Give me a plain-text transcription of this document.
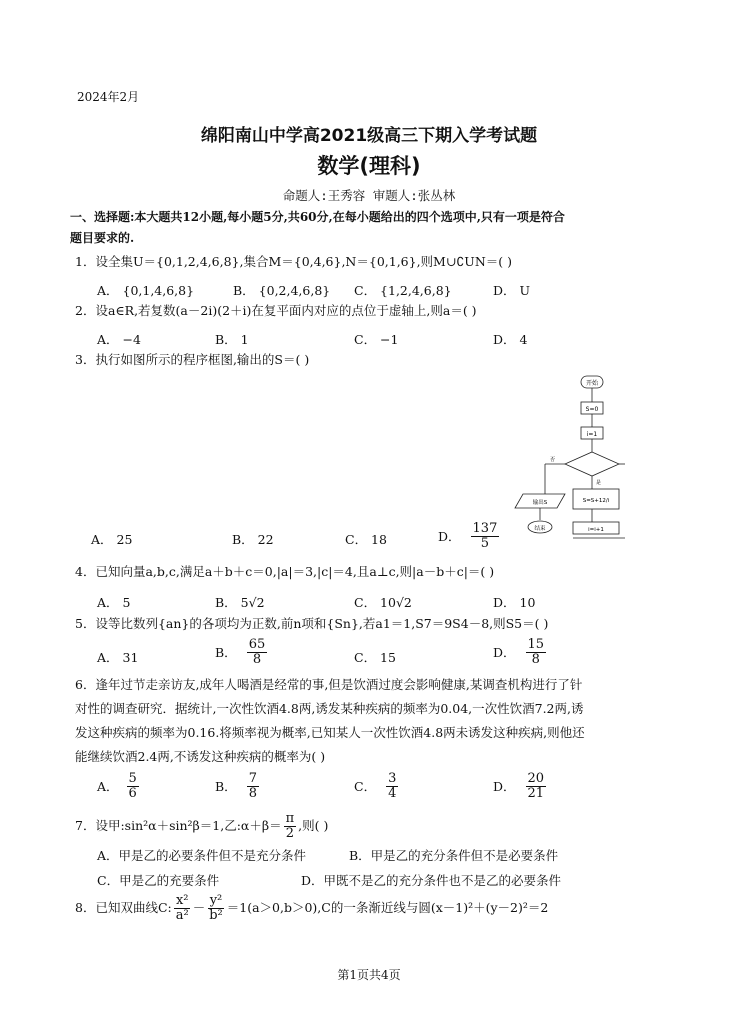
2024年2月
绵阳南山中学高2021级高三下期入学考试题
数学(理科)
命题人:王秀容 审题人:张丛林
一、选择题:本大题共12小题,每小题5分,共60分,在每小题给出的四个选项中,只有一项是符合
题目要求的.
1．设全集U＝{0,1,2,4,6,8},集合M＝{0,4,6},N＝{0,1,6},则M∪∁UN＝( )
A． {0,1,4,6,8}	B． {0,2,4,6,8} C． {1,2,4,6,8}	D． U
2．设a∈R,若复数(a－2i)(2＋i)在复平面内对应的点位于虚轴上,则a＝( )
A． −4	B． 1	C． −1	D． 4
3．执行如图所示的程序框图,输出的S＝( )
开始
S=0
i=1
是
S=S+12/i
i=i+1
输出S
结束
否
A． 25	B． 22	C． 18	D． $\frac{137}{5}$
4．已知向量a,b,c,满足a＋b＋c＝0,|a|＝3,|c|＝4,且a⊥c,则|a－b＋c|＝( )
A． 5	B． 5√2	C． 10√2	D． 10
5．设等比数列{an}的各项均为正数,前n项和{Sn},若a1＝1,S7＝9S4－8,则S5＝( )
A． 31	B． $\frac{65}{8}$	C． 15	D． $\frac{15}{8}$
6．逢年过节走亲访友,成年人喝酒是经常的事,但是饮酒过度会影响健康,某调查机构进行了针
对性的调查研究．据统计,一次性饮酒4.8两,诱发某种疾病的频率为0.04,一次性饮酒7.2两,诱
发这种疾病的频率为0.16.将频率视为概率,已知某人一次性饮酒4.8两未诱发这种疾病,则他还
能继续饮酒2.4两,不诱发这种疾病的概率为( )
A． $\frac{5}{6}$	B． $\frac{7}{8}$	C． $\frac{3}{4}$	D． $\frac{20}{21}$
7．设甲:sin²α＋sin²β＝1,乙:α＋β＝ $\frac{\pi}{2}$ ,则( )
A．甲是乙的必要条件但不是充分条件	B．甲是乙的充分条件但不是必要条件
C．甲是乙的充要条件	D．甲既不是乙的充分条件也不是乙的必要条件
8．已知双曲线C: $\frac{\text{x²}}{\text{a²}} - \frac{\text{y²}}{\text{b²}} =1(a>0,b>0),C$的一条渐近线与圆(x－1)²＋(y－2)²＝2
第1页共4页
